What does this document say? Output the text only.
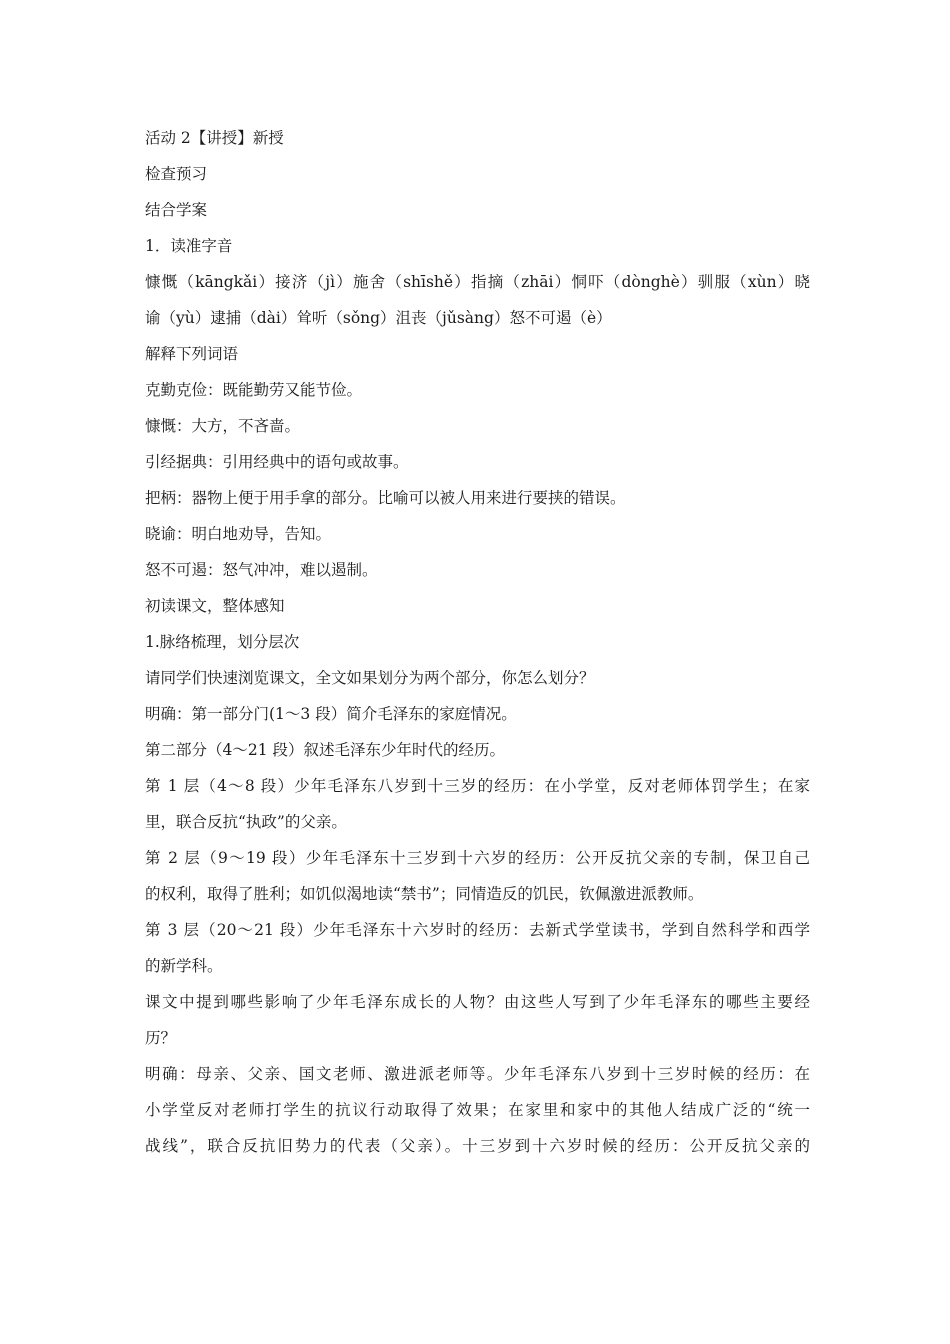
活动 2【讲授】新授
检查预习
结合学案
1．读准字音
慷慨（kāngkǎi）接济（jì）施舍（shīshě）指摘（zhāi）恫吓（dònghè）驯服（xùn）晓
谕（yù）逮捕（dài）耸听（sǒng）沮丧（jǔsàng）怒不可遏（è）
解释下列词语
克勤克俭：既能勤劳又能节俭。
慷慨：大方，不吝啬。
引经据典：引用经典中的语句或故事。
把柄：器物上便于用手拿的部分。比喻可以被人用来进行要挟的错误。
晓谕：明白地劝导，告知。
怒不可遏：怒气冲冲，难以遏制。
初读课文，整体感知
1.脉络梳理，划分层次
请同学们快速浏览课文，全文如果划分为两个部分，你怎么划分？
明确：第一部分门(1～3 段）简介毛泽东的家庭情况。
第二部分（4～21 段）叙述毛泽东少年时代的经历。
第 1 层（4～8 段）少年毛泽东八岁到十三岁的经历：在小学堂，反对老师体罚学生；在家
里，联合反抗“执政”的父亲。
第 2 层（9～19 段）少年毛泽东十三岁到十六岁的经历：公开反抗父亲的专制，保卫自己
的权利，取得了胜利；如饥似渴地读“禁书”；同情造反的饥民，钦佩激进派教师。
第 3 层（20～21 段）少年毛泽东十六岁时的经历：去新式学堂读书，学到自然科学和西学
的新学科。
课文中提到哪些影响了少年毛泽东成长的人物？由这些人写到了少年毛泽东的哪些主要经
历？
明确：母亲、父亲、国文老师、激进派老师等。少年毛泽东八岁到十三岁时候的经历：在
小学堂反对老师打学生的抗议行动取得了效果；在家里和家中的其他人结成广泛的“统一
战线”，联合反抗旧势力的代表（父亲）。十三岁到十六岁时候的经历：公开反抗父亲的
